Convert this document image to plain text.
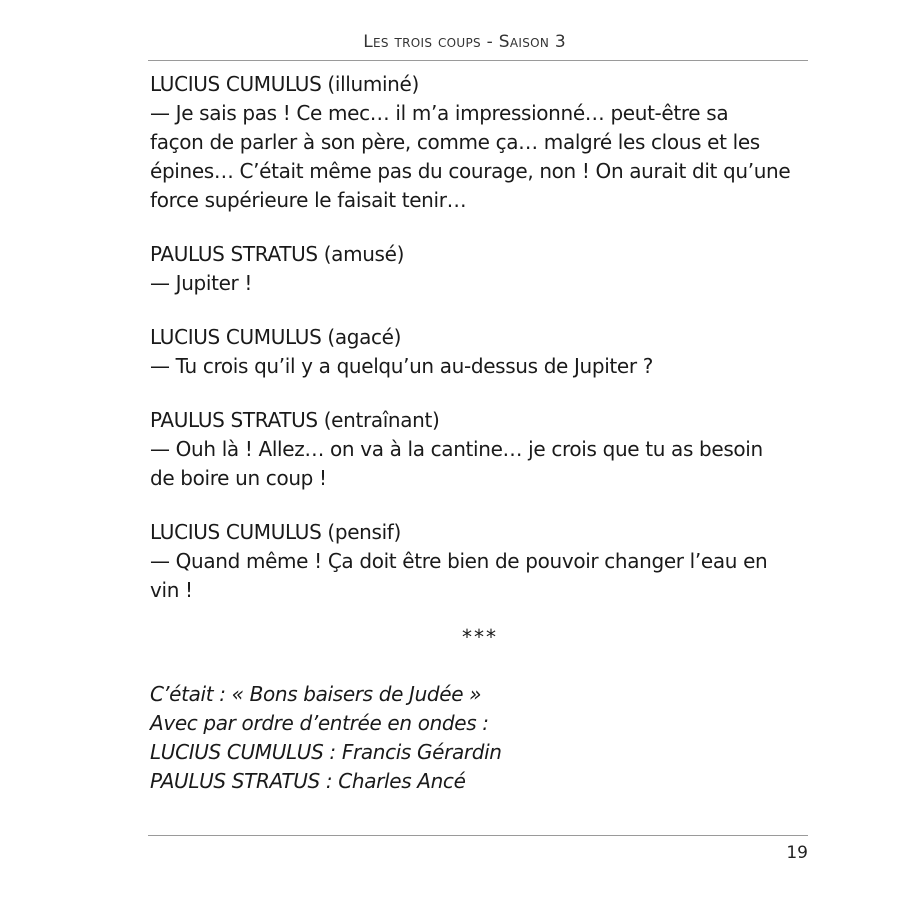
Les trois coups - Saison 3
LUCIUS CUMULUS (illuminé)
— Je sais pas ! Ce mec… il m’a impressionné… peut-être sa
façon de parler à son père, comme ça… malgré les clous et les
épines… C’était même pas du courage, non ! On aurait dit qu’une
force supérieure le faisait tenir…
PAULUS STRATUS (amusé)
— Jupiter !
LUCIUS CUMULUS (agacé)
— Tu crois qu’il y a quelqu’un au-dessus de Jupiter ?
PAULUS STRATUS (entraînant)
— Ouh là ! Allez… on va à la cantine… je crois que tu as besoin
de boire un coup !
LUCIUS CUMULUS (pensif)
— Quand même ! Ça doit être bien de pouvoir changer l’eau en
vin !
***
C’était : « Bons baisers de Judée »
Avec par ordre d’entrée en ondes :
LUCIUS CUMULUS : Francis Gérardin
PAULUS STRATUS : Charles Ancé
19
